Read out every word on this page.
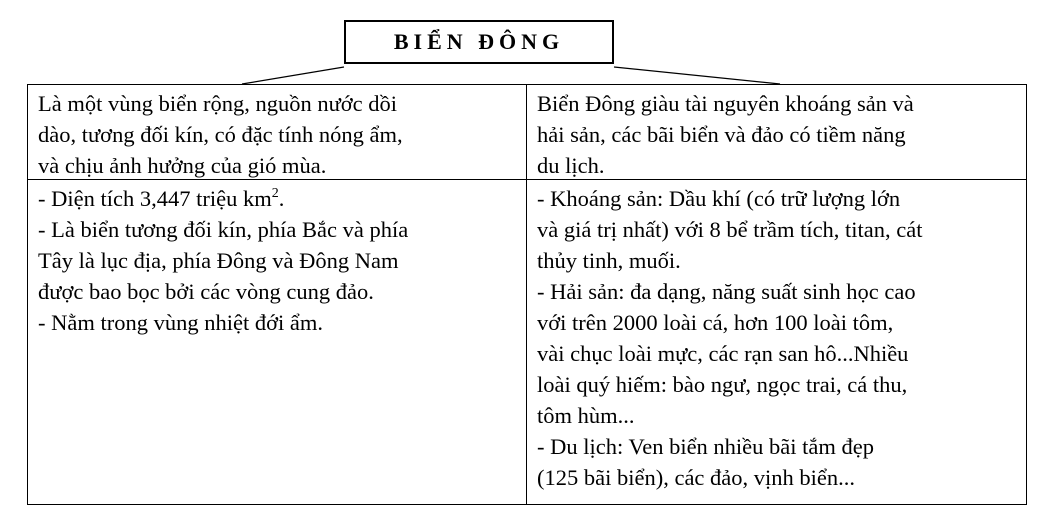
BIỂN ĐÔNG
Là một vùng biển rộng, nguồn nước dồi
dào, tương đối kín, có đặc tính nóng ẩm,
và chịu ảnh hưởng của gió mùa.
Biển Đông giàu tài nguyên khoáng sản và
hải sản, các bãi biển và đảo có tiềm năng
du lịch.
- Diện tích 3,447 triệu $km^2$.
- Là biển tương đối kín, phía Bắc và phía
Tây là lục địa, phía Đông và Đông Nam
được bao bọc bởi các vòng cung đảo.
- Nằm trong vùng nhiệt đới ẩm.
- Khoáng sản: Dầu khí (có trữ lượng lớn
và giá trị nhất) với 8 bể trầm tích, titan, cát
thủy tinh, muối.
- Hải sản: đa dạng, năng suất sinh học cao
với trên 2000 loài cá, hơn 100 loài tôm,
vài chục loài mực, các rạn san hô...Nhiều
loài quý hiếm: bào ngư, ngọc trai, cá thu,
tôm hùm...
- Du lịch: Ven biển nhiều bãi tắm đẹp
(125 bãi biển), các đảo, vịnh biển...
